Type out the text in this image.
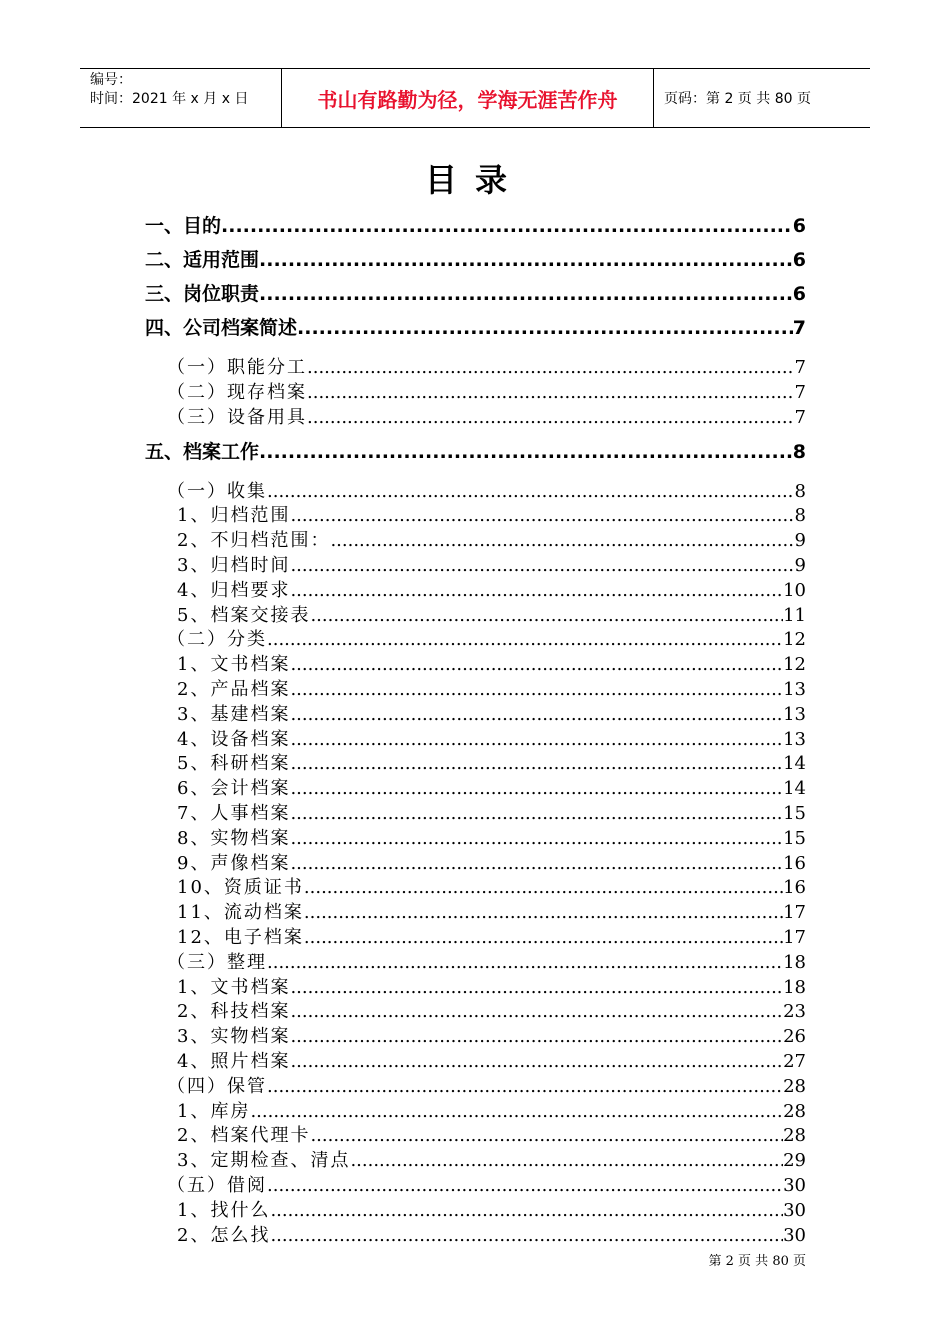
编号：
时间：2021 年 x 月 x 日	书山有路勤为径，学海无涯苦作舟	页码：第 2 页 共 80 页
目录
一、目的 .....	6
二、适用范围 .....	6
三、岗位职责 .....	6
四、公司档案简述 .....	7
（一）职能分工 .....	7
（二）现存档案 .....	7
（三）设备用具 .....	7
五、档案工作 .....	8
（一）收集 .....	8
1、归档范围 .....	8
2、不归档范围： .....	9
3、归档时间 .....	9
4、归档要求 .....	10
5、档案交接表 .....	11
（二）分类 .....	12
1、文书档案 .....	12
2、产品档案 .....	13
3、基建档案 .....	13
4、设备档案 .....	13
5、科研档案 .....	14
6、会计档案 .....	14
7、人事档案 .....	15
8、实物档案 .....	15
9、声像档案 .....	16
10、资质证书 .....	16
11、流动档案 .....	17
12、电子档案 .....	17
（三）整理 .....	18
1、文书档案 .....	18
2、科技档案 .....	23
3、实物档案 .....	26
4、照片档案 .....	27
（四）保管 .....	28
1、库房 .....	28
2、档案代理卡 .....	28
3、定期检查、清点 .....	29
（五）借阅 .....	30
1、找什么 .....	30
2、怎么找 .....	30
第 2 页 共 80 页
